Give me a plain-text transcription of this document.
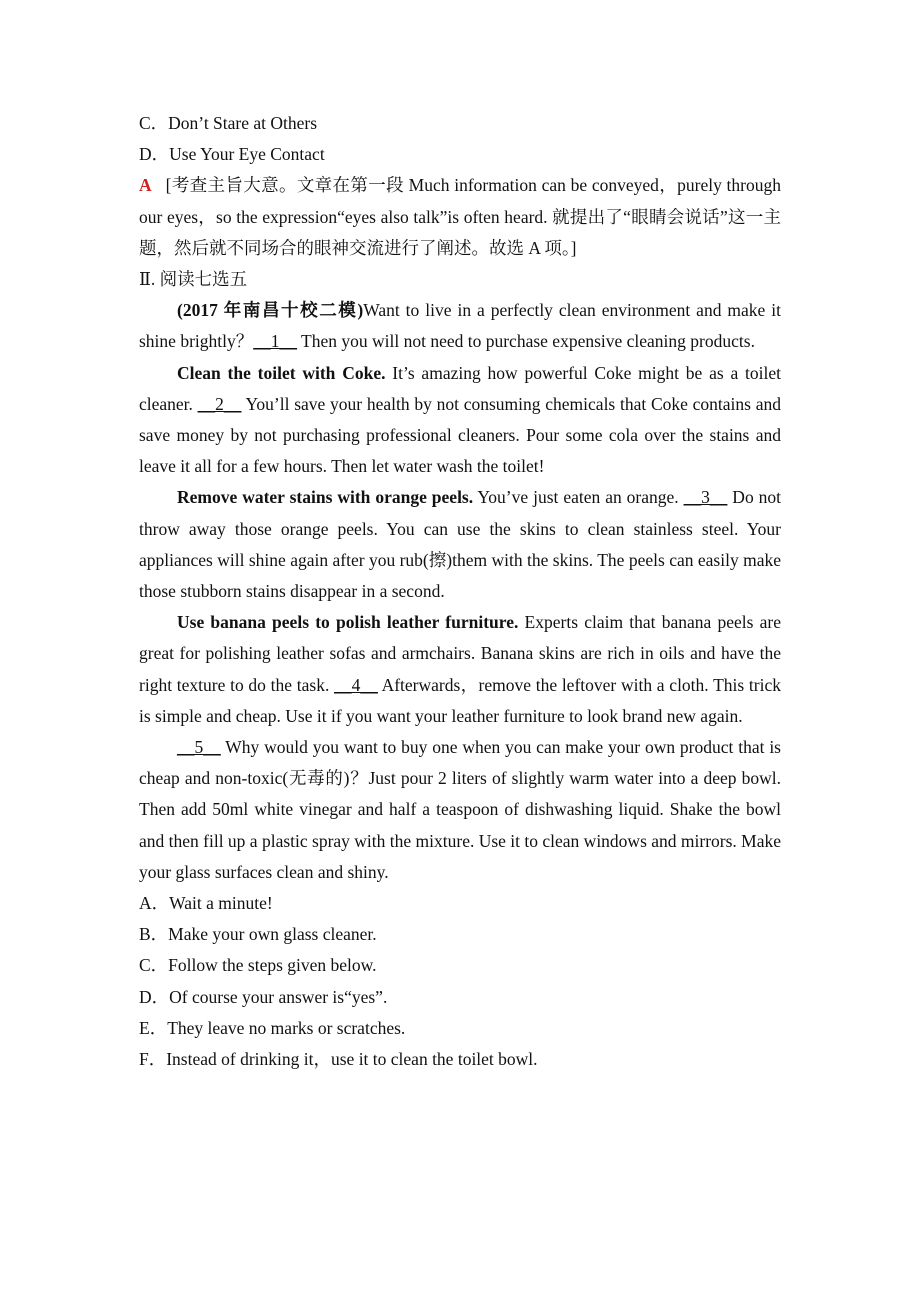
C．Don’t Stare at Others

D．Use Your Eye Contact

A [考查主旨大意。文章在第一段 Much information can be conveyed，purely through our eyes，so the expression“eyes also talk”is often heard. 就提出了“眼睛会说话”这一主题，然后就不同场合的眼神交流进行了阐述。故选 A 项。]

Ⅱ. 阅读七选五

(2017 年南昌十校二模)Want to live in a perfectly clean environment and make it shine brightly？__1__ Then you will not need to purchase expensive cleaning products.

Clean the toilet with Coke. It’s amazing how powerful Coke might be as a toilet cleaner. __2__ You’ll save your health by not consuming chemicals that Coke contains and save money by not purchasing professional cleaners. Pour some cola over the stains and leave it all for a few hours. Then let water wash the toilet!

Remove water stains with orange peels. You’ve just eaten an orange. __3__ Do not throw away those orange peels. You can use the skins to clean stainless steel. Your appliances will shine again after you rub(擦)them with the skins. The peels can easily make those stubborn stains disappear in a second.

Use banana peels to polish leather furniture. Experts claim that banana peels are great for polishing leather sofas and armchairs. Banana skins are rich in oils and have the right texture to do the task. __4__ Afterwards，remove the leftover with a cloth. This trick is simple and cheap. Use it if you want your leather furniture to look brand new again.

__5__ Why would you want to buy one when you can make your own product that is cheap and non-toxic(无毒的)？Just pour 2 liters of slightly warm water into a deep bowl. Then add 50ml white vinegar and half a teaspoon of dishwashing liquid. Shake the bowl and then fill up a plastic spray with the mixture. Use it to clean windows and mirrors. Make your glass surfaces clean and shiny.

A．Wait a minute!

B．Make your own glass cleaner.

C．Follow the steps given below.

D．Of course your answer is“yes”.

E．They leave no marks or scratches.

F．Instead of drinking it，use it to clean the toilet bowl.
